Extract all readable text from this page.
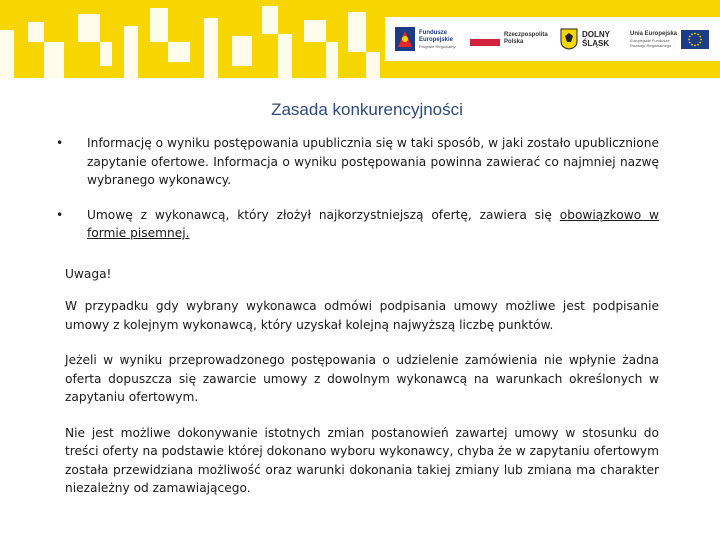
Fundusze
Europejskie
Program Regionalny
Rzeczpospolita
Polska
DOLNY
ŚLĄSK
Unia Europejska
Europejskie Fundusze
Rozwoju Regionalnego
Zasada konkurencyjności
• Informację o wyniku postępowania upublicznia się w taki sposób, w jaki zostało upublicznione zapytanie ofertowe. Informacja o wyniku postępowania powinna zawierać co najmniej nazwę wybranego wykonawcy.
• Umowę z wykonawcą, który złożył najkorzystniejszą ofertę, zawiera się obowiązkowo w formie pisemnej.

Uwaga!

W przypadku gdy wybrany wykonawca odmówi podpisania umowy możliwe jest podpisanie umowy z kolejnym wykonawcą, który uzyskał kolejną najwyższą liczbę punktów.

Jeżeli w wyniku przeprowadzonego postępowania o udzielenie zamówienia nie wpłynie żadna oferta dopuszcza się zawarcie umowy z dowolnym wykonawcą na warunkach określonych w zapytaniu ofertowym.

Nie jest możliwe dokonywanie istotnych zmian postanowień zawartej umowy w stosunku do treści oferty na podstawie której dokonano wyboru wykonawcy, chyba że w zapytaniu ofertowym została przewidziana możliwość oraz warunki dokonania takiej zmiany lub zmiana ma charakter niezależny od zamawiającego.
